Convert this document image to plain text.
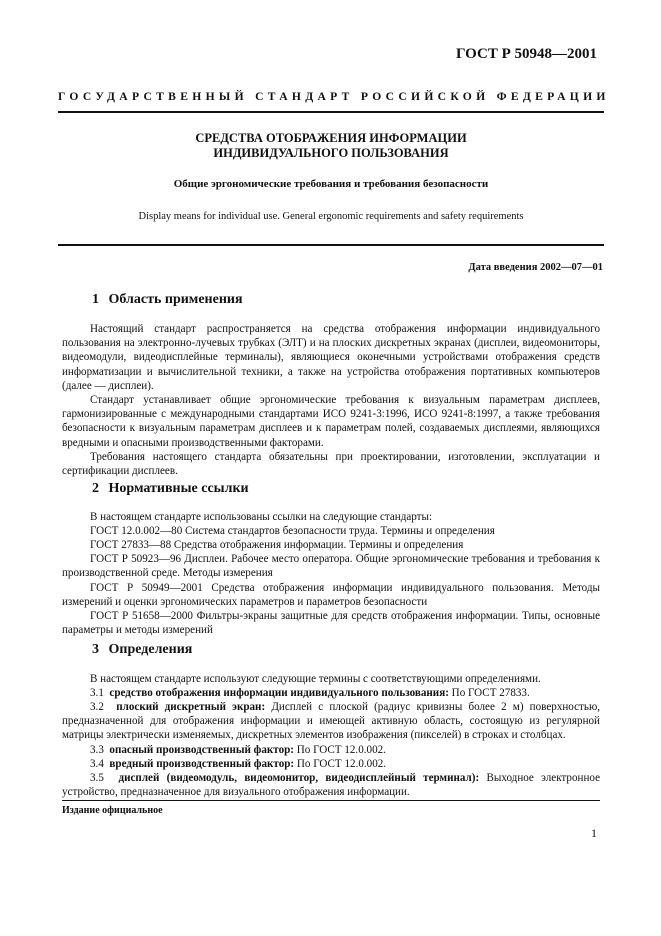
ГОСТ Р 50948—2001
ГОСУДАРСТВЕННЫЙ СТАНДАРТ РОССИЙСКОЙ ФЕДЕРАЦИИ
СРЕДСТВА ОТОБРАЖЕНИЯ ИНФОРМАЦИИ
ИНДИВИДУАЛЬНОГО ПОЛЬЗОВАНИЯ
Общие эргономические требования и требования безопасности
Display means for individual use. General ergonomic requirements and safety requirements
Дата введения 2002—07—01
1 Область применения

Настоящий стандарт распространяется на средства отображения информации индивидуального пользования на электронно-лучевых трубках (ЭЛТ) и на плоских дискретных экранах (дисплеи, видеомониторы, видеомодули, видеодисплейные терминалы), являющиеся оконечными устройствами отображения средств информатизации и вычислительной техники, а также на устройства отображения портативных компьютеров (далее — дисплеи).

Стандарт устанавливает общие эргономические требования к визуальным параметрам дисплеев, гармонизированные с международными стандартами ИСО 9241-3:1996, ИСО 9241-8:1997, а также требования безопасности к визуальным параметрам дисплеев и к параметрам полей, создаваемых дисплеями, являющихся вредными и опасными производственными факторами.

Требования настоящего стандарта обязательны при проектировании, изготовлении, эксплуатации и сертификации дисплеев.

2 Нормативные ссылки

В настоящем стандарте использованы ссылки на следующие стандарты:

ГОСТ 12.0.002—80 Система стандартов безопасности труда. Термины и определения

ГОСТ 27833—88 Средства отображения информации. Термины и определения

ГОСТ Р 50923—96 Дисплеи. Рабочее место оператора. Общие эргономические требования и требования к производственной среде. Методы измерения

ГОСТ Р 50949—2001 Средства отображения информации индивидуального пользования. Методы измерений и оценки эргономических параметров и параметров безопасности

ГОСТ Р 51658—2000 Фильтры-экраны защитные для средств отображения информации. Типы, основные параметры и методы измерений

3 Определения

В настоящем стандарте используют следующие термины с соответствующими определениями.

3.1 средство отображения информации индивидуального пользования: По ГОСТ 27833.

3.2 плоский дискретный экран: Дисплей с плоской (радиус кривизны более 2 м) поверхностью, предназначенной для отображения информации и имеющей активную область, состоящую из регулярной матрицы электрически изменяемых, дискретных элементов изображения (пикселей) в строках и столбцах.

3.3 опасный производственный фактор: По ГОСТ 12.0.002.

3.4 вредный производственный фактор: По ГОСТ 12.0.002.

3.5 дисплей (видеомодуль, видеомонитор, видеодисплейный терминал): Выходное электронное устройство, предназначенное для визуального отображения информации.

Издание официальное
1
